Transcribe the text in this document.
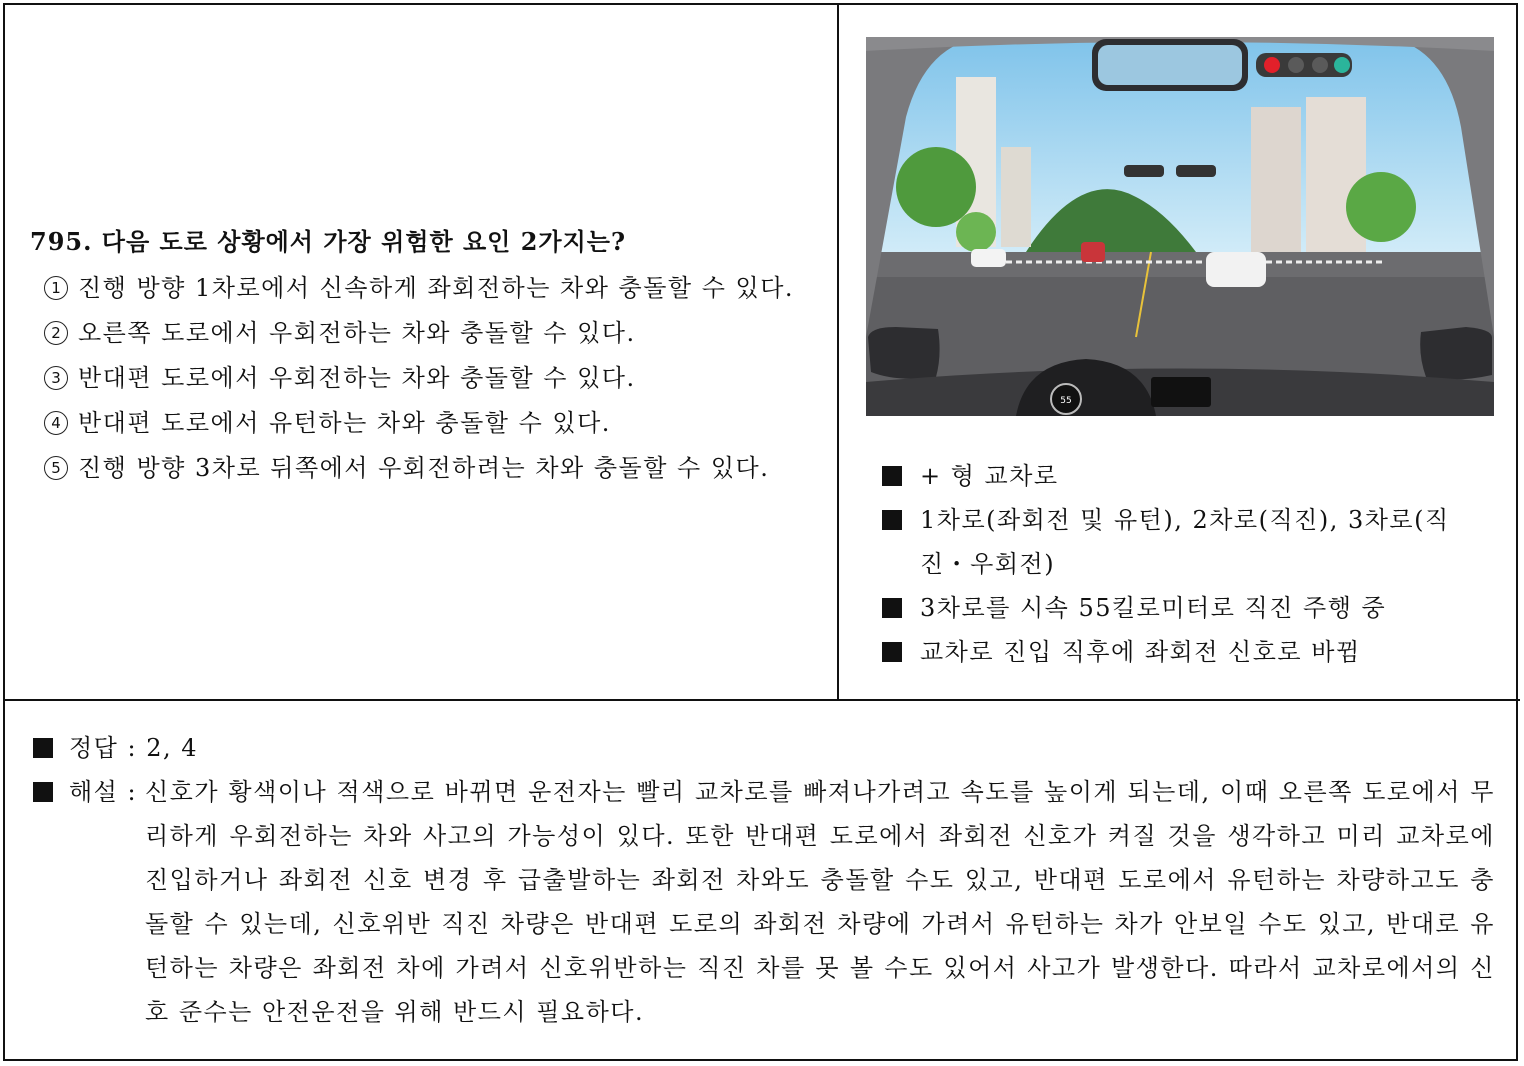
795. 다음 도로 상황에서 가장 위험한 요인 2가지는?

1 진행 방향 1차로에서 신속하게 좌회전하는 차와 충돌할 수 있다.
2 오른쪽 도로에서 우회전하는 차와 충돌할 수 있다.
3 반대편 도로에서 우회전하는 차와 충돌할 수 있다.
4 반대편 도로에서 유턴하는 차와 충돌할 수 있다.
5 진행 방향 3차로 뒤쪽에서 우회전하려는 차와 충돌할 수 있다.
55
+ 형 교차로
1차로(좌회전 및 유턴), 2차로(직진), 3차로(직진・우회전)
3차로를 시속 55킬로미터로 직진 주행 중
교차로 진입 직후에 좌회전 신호로 바뀜
정답 : 2, 4
해설 : 신호가 황색이나 적색으로 바뀌면 운전자는 빨리 교차로를 빠져나가려고 속도를 높이게 되는데, 이때 오른쪽 도로에서 무리하게 우회전하는 차와 사고의 가능성이 있다. 또한 반대편 도로에서 좌회전 신호가 켜질 것을 생각하고 미리 교차로에 진입하거나 좌회전 신호 변경 후 급출발하는 좌회전 차와도 충돌할 수도 있고, 반대편 도로에서 유턴하는 차량하고도 충돌할 수 있는데, 신호위반 직진 차량은 반대편 도로의 좌회전 차량에 가려서 유턴하는 차가 안보일 수도 있고, 반대로 유턴하는 차량은 좌회전 차에 가려서 신호위반하는 직진 차를 못 볼 수도 있어서 사고가 발생한다. 따라서 교차로에서의 신호 준수는 안전운전을 위해 반드시 필요하다.
